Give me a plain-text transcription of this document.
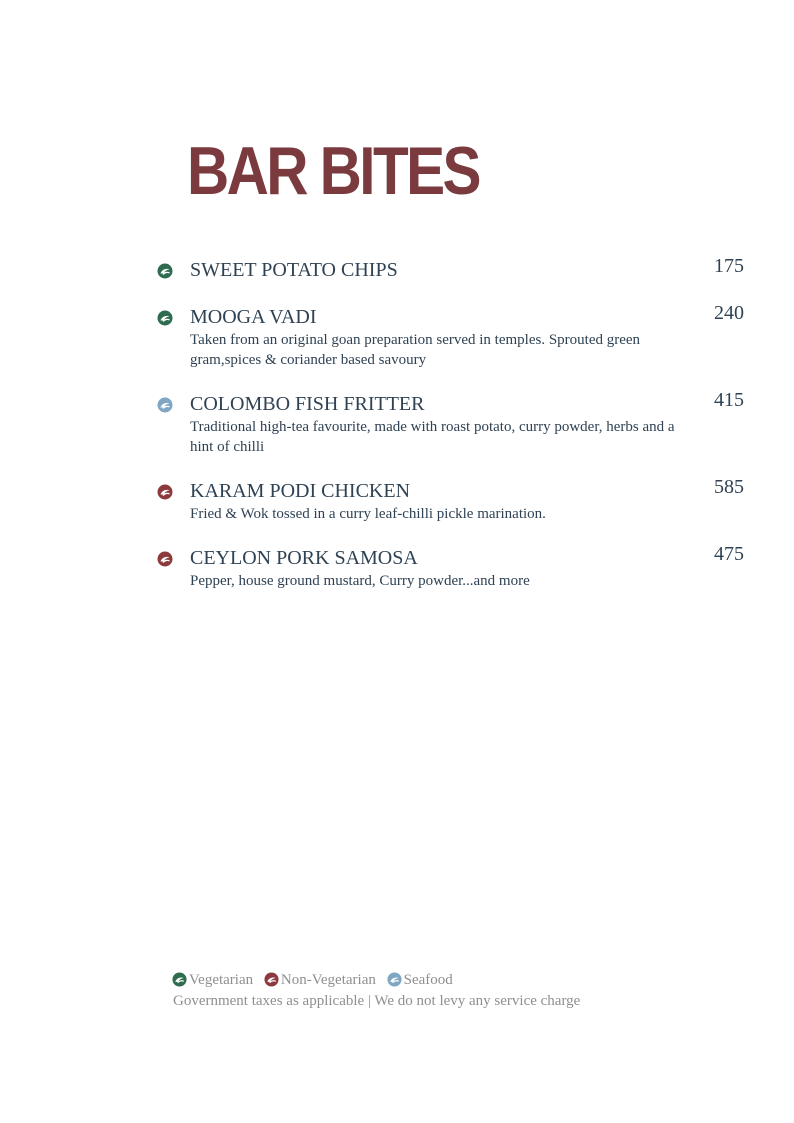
BAR BITES
SWEET POTATO CHIPS	175
MOOGA VADI
Taken from an original goan preparation served in temples. Sprouted green gram,spices & coriander based savoury
240
COLOMBO FISH FRITTER
Traditional high-tea favourite, made with roast potato, curry powder, herbs and a hint of chilli
415
KARAM PODI CHICKEN
Fried & Wok tossed in a curry leaf-chilli pickle marination.
585
CEYLON PORK SAMOSA
Pepper, house ground mustard, Curry powder...and more
475
Vegetarian Non-Vegetarian Seafood
Government taxes as applicable | We do not levy any service charge
